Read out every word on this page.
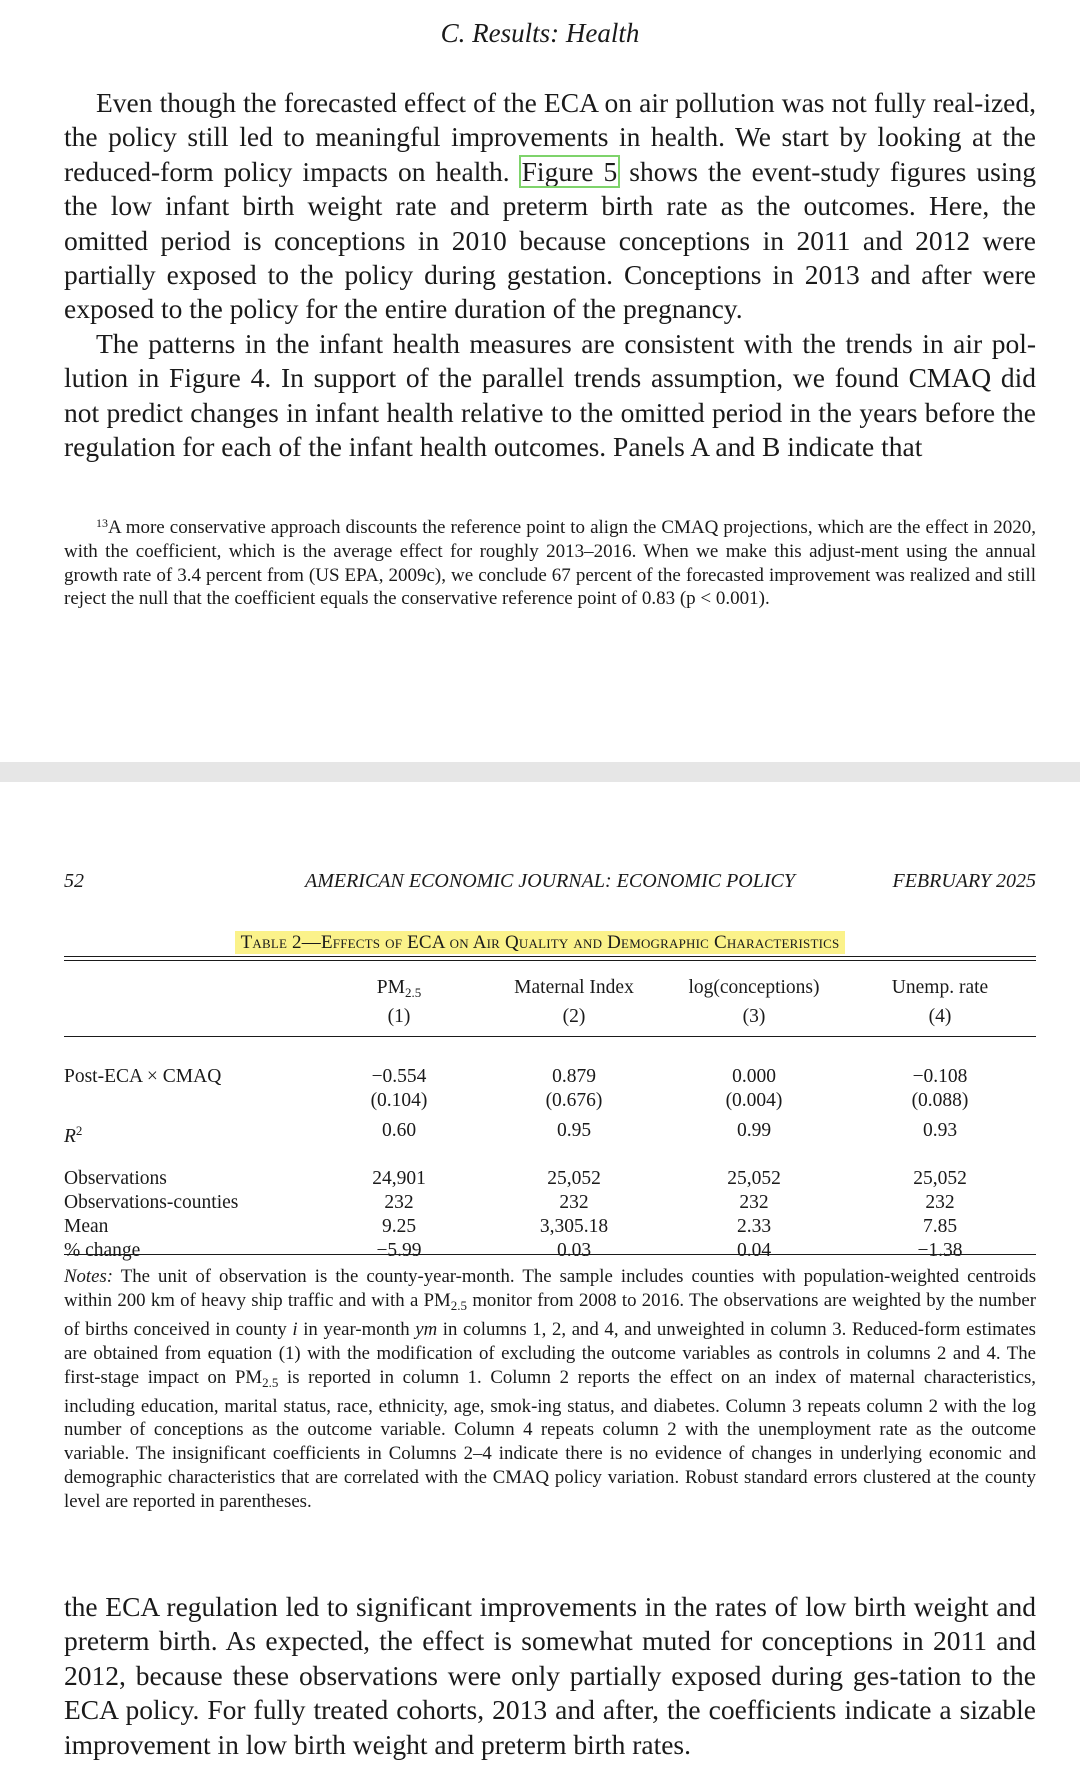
C. Results: Health

Even though the forecasted effect of the ECA on air pollution was not fully real-ized, the policy still led to meaningful improvements in health. We start by looking at the reduced-form policy impacts on health. Figure 5 shows the event-study figures using the low infant birth weight rate and preterm birth rate as the outcomes. Here, the omitted period is conceptions in 2010 because conceptions in 2011 and 2012 were partially exposed to the policy during gestation. Conceptions in 2013 and after were exposed to the policy for the entire duration of the pregnancy.

The patterns in the infant health measures are consistent with the trends in air pol-lution in Figure 4. In support of the parallel trends assumption, we found CMAQ did not predict changes in infant health relative to the omitted period in the years before the regulation for each of the infant health outcomes. Panels A and B indicate that

$^{13}$A more conservative approach discounts the reference point to align the CMAQ projections, which are the effect in 2020, with the coefficient, which is the average effect for roughly 2013–2016. When we make this adjust-ment using the annual growth rate of 3.4 percent from (US EPA, 2009c), we conclude 67 percent of the forecasted improvement was realized and still reject the null that the coefficient equals the conservative reference point of 0.83 (p < 0.001).
52	AMERICAN ECONOMIC JOURNAL: ECONOMIC POLICY	FEBRUARY 2025
Table 2—Effects of ECA on Air Quality and Demographic Characteristics
	$PM_{2.5}$	Maternal Index	log(conceptions)	Unemp. rate
	(1)	(2)	(3)	(4)
Post-ECA × CMAQ	−0.554	0.879	0.000	−0.108
	(0.104)	(0.676)	(0.004)	(0.088)
$R^2$	0.60	0.95	0.99	0.93
Observations	24,901	25,052	25,052	25,052
Observations-counties	232	232	232	232
Mean	9.25	3,305.18	2.33	7.85
% change	−5.99	0.03	0.04	−1.38
Notes: The unit of observation is the county-year-month. The sample includes counties with population-weighted centroids within 200 km of heavy ship traffic and with a $PM_{2.5}$ monitor from 2008 to 2016. The observations are weighted by the number of births conceived in county i in year-month ym in columns 1, 2, and 4, and unweighted in column 3. Reduced-form estimates are obtained from equation (1) with the modification of excluding the outcome variables as controls in columns 2 and 4. The first-stage impact on $PM_{2.5}$ is reported in column 1. Column 2 reports the effect on an index of maternal characteristics, including education, marital status, race, ethnicity, age, smok-ing status, and diabetes. Column 3 repeats column 2 with the log number of conceptions as the outcome variable. Column 4 repeats column 2 with the unemployment rate as the outcome variable. The insignificant coefficients in Columns 2–4 indicate there is no evidence of changes in underlying economic and demographic characteristics that are correlated with the CMAQ policy variation. Robust standard errors clustered at the county level are reported in parentheses.

the ECA regulation led to significant improvements in the rates of low birth weight and preterm birth. As expected, the effect is somewhat muted for conceptions in 2011 and 2012, because these observations were only partially exposed during ges-tation to the ECA policy. For fully treated cohorts, 2013 and after, the coefficients indicate a sizable improvement in low birth weight and preterm birth rates.
